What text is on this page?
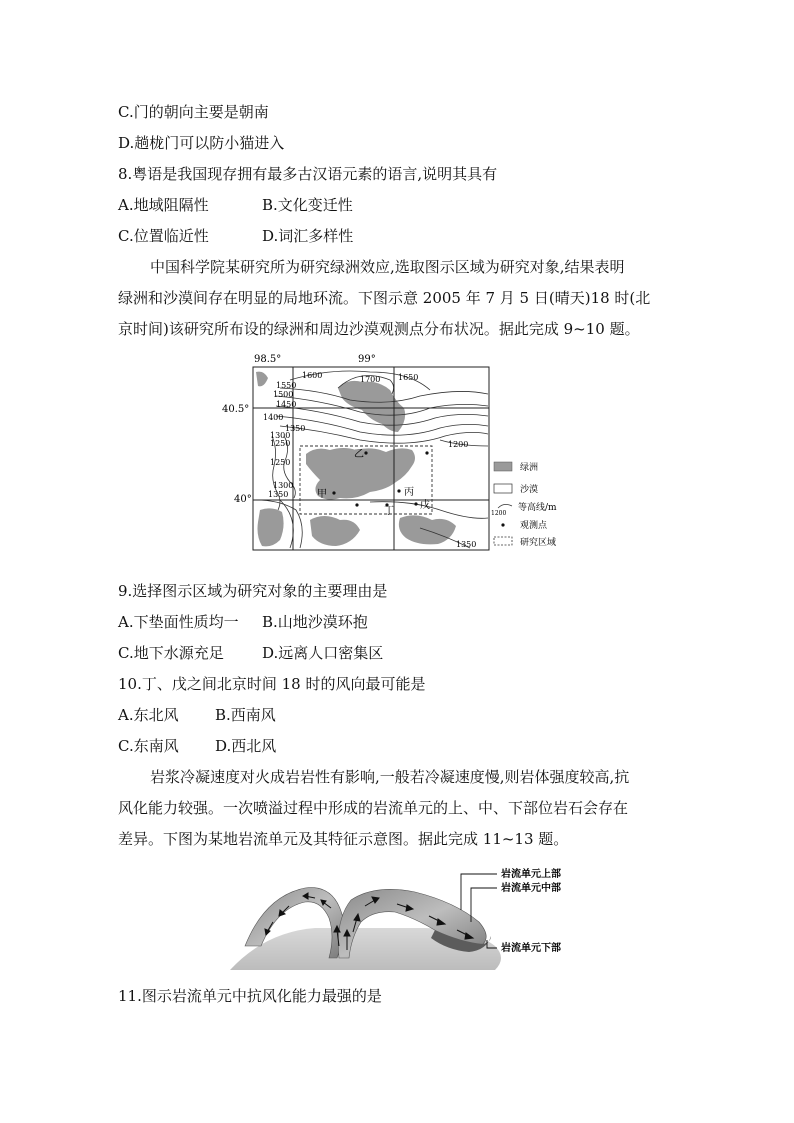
C.门的朝向主要是朝南
D.趟栊门可以防小猫进入
8.粤语是我国现存拥有最多古汉语元素的语言,说明其具有
A.地域阻隔性	B.文化变迁性
C.位置临近性	D.词汇多样性
中国科学院某研究所为研究绿洲效应,选取图示区域为研究对象,结果表明
绿洲和沙漠间存在明显的局地环流。下图示意 2005 年 7 月 5 日(晴天)18 时(北
京时间)该研究所布设的绿洲和周边沙漠观测点分布状况。据此完成 9~10 题。
98.5°	99°
40.5°
40°
1600	1700 1650
1550
1500
1450
1400
1350
1300
1250	1200
1250
1300
1350
1350
乙
甲	丙
丁
戊
绿洲
沙漠
1200
等高线/m
观测点
研究区域
9.选择图示区域为研究对象的主要理由是
A.下垫面性质均一 B.山地沙漠环抱
C.地下水源充足	D.远离人口密集区
10.丁、戊之间北京时间 18 时的风向最可能是
A.东北风 B.西南风
C.东南风 D.西北风
岩浆冷凝速度对火成岩岩性有影响,一般若冷凝速度慢,则岩体强度较高,抗
风化能力较强。一次喷溢过程中形成的岩流单元的上、中、下部位岩石会存在
差异。下图为某地岩流单元及其特征示意图。据此完成 11~13 题。
岩流单元上部
岩流单元中部
岩流单元下部
11.图示岩流单元中抗风化能力最强的是
